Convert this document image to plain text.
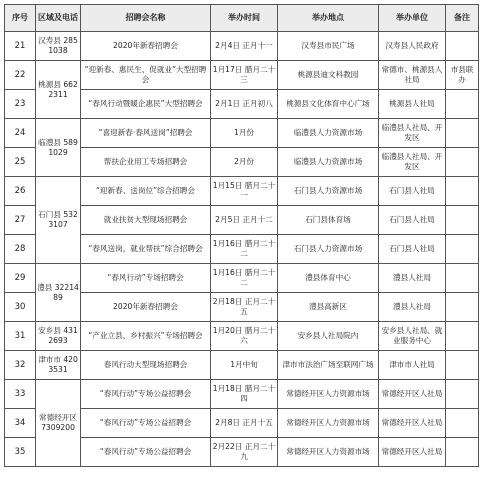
序号	区域及电话	招聘会名称	举办时间	举办地点	举办单位	备注
21	汉寿县 2851038	2020年新春招聘会	2月4日 正月十一	汉寿县市民广场	汉寿县人民政府	
22	桃源县 6622311	“迎新春、惠民生、促就业”大型招聘会	1月17日 腊月二十三	桃源县迪文科教园	常德市、桃源县人社局	市县联办
23		“春风行动暨暖企惠民”大型招聘会	2月1日 正月初八	桃源县文化体育中心广场	桃源县人社局	
24	临澧县 5891029	“喜迎新春·春风送岗”招聘会	1月份	临澧县人力资源市场	临澧县人社局、开发区	
25		帮扶企业用工专场招聘会	2月份	临澧县人力资源市场	临澧县人社局、开发区	
26	石门县 5323107	“迎新春、送岗位”综合招聘会	1月15日 腊月二十一	石门县人力资源市场	石门县人社局	
27		就业扶贫大型现场招聘会	2月5日 正月十二	石门县体育场	石门县人社局	
28		“春风送岗，就业帮扶”综合招聘会	1月16日 腊月二十二	石门县人力资源市场	石门县人社局	
29	澧县 3221489	“春风行动”专场招聘会	1月16日 腊月二十二	澧县体育中心	澧县人社局	
30		2020年新春招聘会	2月18日 正月二十五	澧县高新区	澧县人社局	
31	安乡县 4312693	“产业立县，乡村振兴”专场招聘会	1月20日 腊月二十六	安乡县人社局院内	安乡县人社局、就业服务中心	
32	津市市 4203531	春风行动大型现场招聘会	1月中旬	津市市法治广场至联网广场	津市市人社局	
33	常德经开区 7309200	“春风行动”专场公益招聘会	1月18日 腊月二十四	常德经开区人力资源市场	常德经开区人社局	
34		“春风行动”专场公益招聘会	2月8日 正月十五	常德经开区人力资源市场	常德经开区人社局	
35		“春风行动”专场公益招聘会	2月22日 正月二十九	常德经开区人力资源市场	常德经开区人社局	
